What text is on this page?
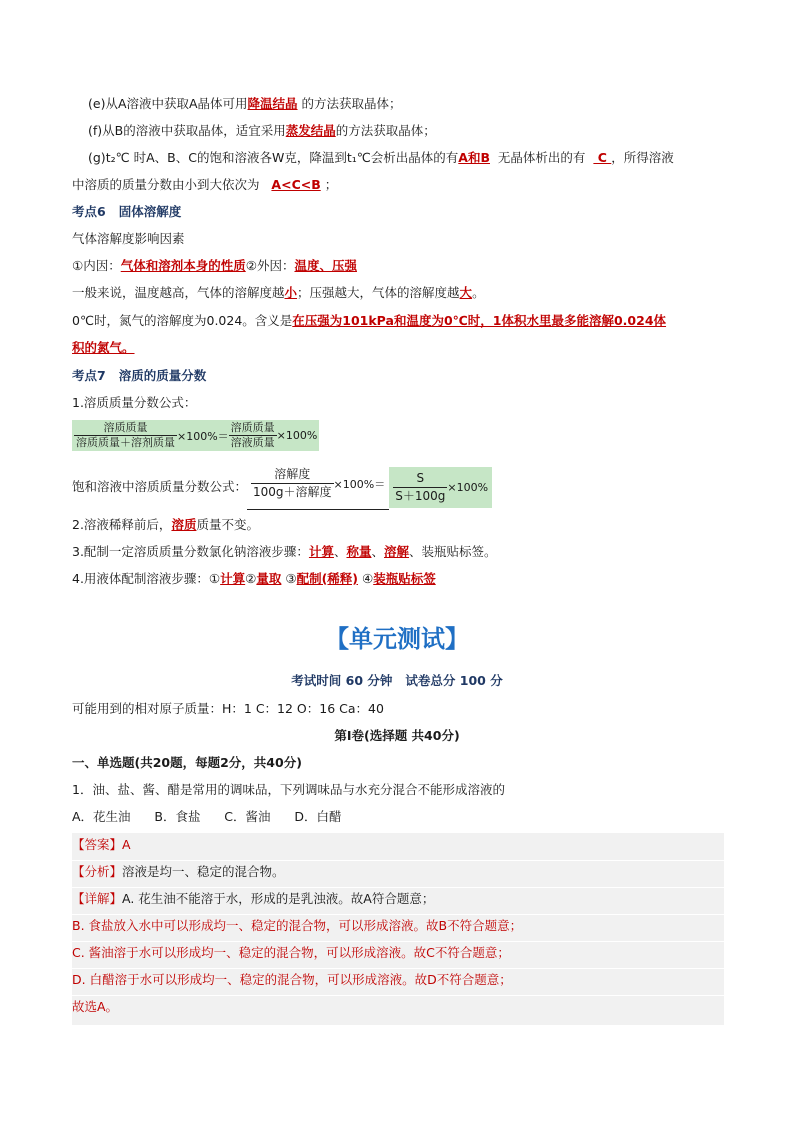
(e)从A溶液中获取A晶体可用降温结晶 的方法获取晶体；
(f)从B的溶液中获取晶体，适宜采用蒸发结晶的方法获取晶体；
(g)t₂℃ 时A、B、C的饱和溶液各W克，降温到t₁℃会析出晶体的有A和B  无晶体析出的有   C ，所得溶液
中溶质的质量分数由小到大依次为   A<C<B ；
考点6   固体溶解度
气体溶解度影响因素
①内因：气体和溶剂本身的性质②外因：温度、压强
一般来说，温度越高，气体的溶解度越小；压强越大，气体的溶解度越大。
0℃时，氮气的溶解度为0.024。含义是在压强为101kPa和温度为0℃时，1体积水里最多能溶解0.024体
积的氮气。
考点7   溶质的质量分数
1.溶质质量分数公式：
$\frac{\text{溶质质量}}{\text{溶质质量＋溶剂质量}} \times 100\%= \frac{\text{溶质质量}}{\text{溶液质量}} \times 100\%$
饱和溶液中溶质质量分数公式： $\frac{\text{溶解度}}{\text{100g＋溶解度}} \times 100\%= \frac{S}{S+100g} \times 100\%$
2.溶液稀释前后，溶质质量不变。
3.配制一定溶质质量分数氯化钠溶液步骤：计算、称量、溶解、装瓶贴标签。
4.用液体配制溶液步骤：①计算②量取 ③配制(稀释) ④装瓶贴标签
【单元测试】
考试时间 60 分钟   试卷总分 100 分
可能用到的相对原子质量：H：1 C：12 O：16 Ca：40
第Ⅰ卷(选择题 共40分)
一、单选题(共20题，每题2分，共40分)
1．油、盐、酱、醋是常用的调味品，下列调味品与水充分混合不能形成溶液的
A．花生油      B．食盐      C．酱油      D．白醋
【答案】A
【分析】溶液是均一、稳定的混合物。
【详解】A. 花生油不能溶于水，形成的是乳浊液。故A符合题意；
B. 食盐放入水中可以形成均一、稳定的混合物，可以形成溶液。故B不符合题意；
C. 酱油溶于水可以形成均一、稳定的混合物，可以形成溶液。故C不符合题意；
D. 白醋溶于水可以形成均一、稳定的混合物，可以形成溶液。故D不符合题意；
故选A。
